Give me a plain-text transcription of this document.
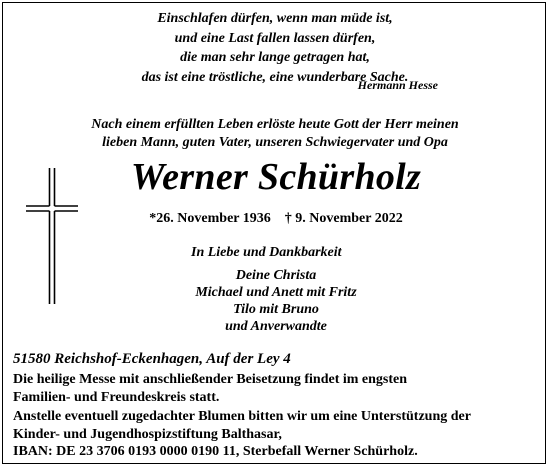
Einschlafen dürfen, wenn man müde ist,
und eine Last fallen lassen dürfen,
die man sehr lange getragen hat,
das ist eine tröstliche, eine wunderbare Sache.
Hermann Hesse
Nach einem erfüllten Leben erlöste heute Gott der Herr meinen
lieben Mann, guten Vater, unseren Schwiegervater und Opa
Werner Schürholz
*26. November 1936 † 9. November 2022
In Liebe und Dankbarkeit
Deine Christa
Michael und Anett mit Fritz
Tilo mit Bruno
und Anverwandte
51580 Reichshof-Eckenhagen, Auf der Ley 4
Die heilige Messe mit anschließender Beisetzung findet im engsten
Familien- und Freundeskreis statt.
Anstelle eventuell zugedachter Blumen bitten wir um eine Unterstützung der
Kinder- und Jugendhospizstiftung Balthasar,
IBAN: DE 23 3706 0193 0000 0190 11, Sterbefall Werner Schürholz.
